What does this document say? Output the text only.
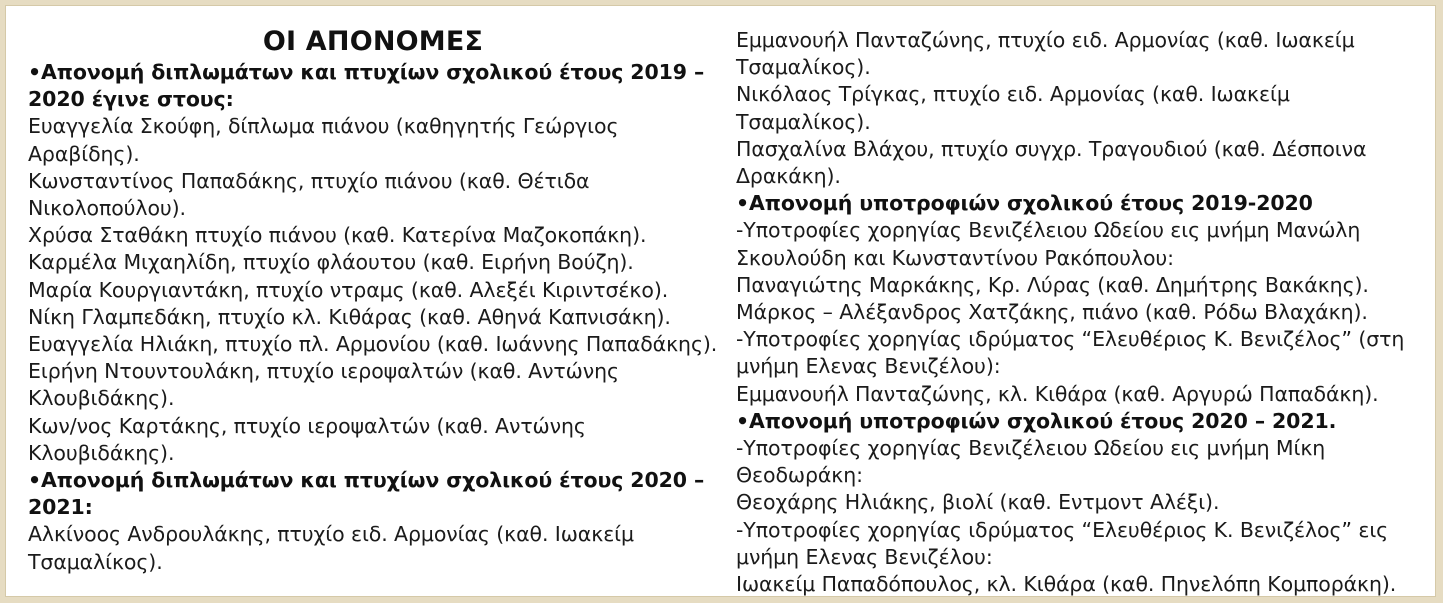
ΟΙ ΑΠΟΝΟΜΕΣ
•Απονομή διπλωμάτων και πτυχίων σχολικού έτους 2019 –
2020 έγινε στους:
Ευαγγελία Σκούφη, δίπλωμα πιάνου (καθηγητής Γεώργιος
Αραβίδης).
Κωνσταντίνος Παπαδάκης, πτυχίο πιάνου (καθ. Θέτιδα
Νικολοπούλου).
Χρύσα Σταθάκη πτυχίο πιάνου (καθ. Κατερίνα Μαζοκοπάκη).
Καρμέλα Μιχαηλίδη, πτυχίο φλάουτου (καθ. Ειρήνη Βούζη).
Μαρία Κουργιαντάκη, πτυχίο ντραμς (καθ. Αλεξέι Κιριντσέκο).
Νίκη Γλαμπεδάκη, πτυχίο κλ. Κιθάρας (καθ. Αθηνά Καπνισάκη).
Ευαγγελία Ηλιάκη, πτυχίο πλ. Αρμονίου (καθ. Ιωάννης Παπαδάκης).
Ειρήνη Ντουντουλάκη, πτυχίο ιεροψαλτών (καθ. Αντώνης
Κλουβιδάκης).
Κων/νος Καρτάκης, πτυχίο ιεροψαλτών (καθ. Αντώνης
Κλουβιδάκης).
•Απονομή διπλωμάτων και πτυχίων σχολικού έτους 2020 –
2021:
Αλκίνοος Ανδρουλάκης, πτυχίο ειδ. Αρμονίας (καθ. Ιωακείμ
Τσαμαλίκος).
Εμμανουήλ Πανταζώνης, πτυχίο ειδ. Αρμονίας (καθ. Ιωακείμ
Τσαμαλίκος).
Νικόλαος Τρίγκας, πτυχίο ειδ. Αρμονίας (καθ. Ιωακείμ Τσαμαλίκος).
Πασχαλίνα Βλάχου, πτυχίο συγχρ. Τραγουδιού (καθ. Δέσποινα
Δρακάκη).
•Απονομή υποτροφιών σχολικού έτους 2019-2020
-Υποτροφίες χορηγίας Βενιζέλειου Ωδείου εις μνήμη Μανώλη
Σκουλούδη και Κωνσταντίνου Ρακόπουλου:
Παναγιώτης Μαρκάκης, Κρ. Λύρας (καθ. Δημήτρης Βακάκης).
Μάρκος – Αλέξανδρος Χατζάκης, πιάνο (καθ. Ρόδω Βλαχάκη).
-Υποτροφίες χορηγίας ιδρύματος “Ελευθέριος Κ. Βενιζέλος” (στη
μνήμη Ελενας Βενιζέλου):
Εμμανουήλ Πανταζώνης, κλ. Κιθάρα (καθ. Αργυρώ Παπαδάκη).
•Απονομή υποτροφιών σχολικού έτους 2020 – 2021.
-Υποτροφίες χορηγίας Βενιζέλειου Ωδείου εις μνήμη Μίκη
Θεοδωράκη:
Θεοχάρης Ηλιάκης, βιολί (καθ. Εντμοντ Αλέξι).
-Υποτροφίες χορηγίας ιδρύματος “Ελευθέριος Κ. Βενιζέλος” εις
μνήμη Ελενας Βενιζέλου:
Ιωακείμ Παπαδόπουλος, κλ. Κιθάρα (καθ. Πηνελόπη Κομποράκη).
